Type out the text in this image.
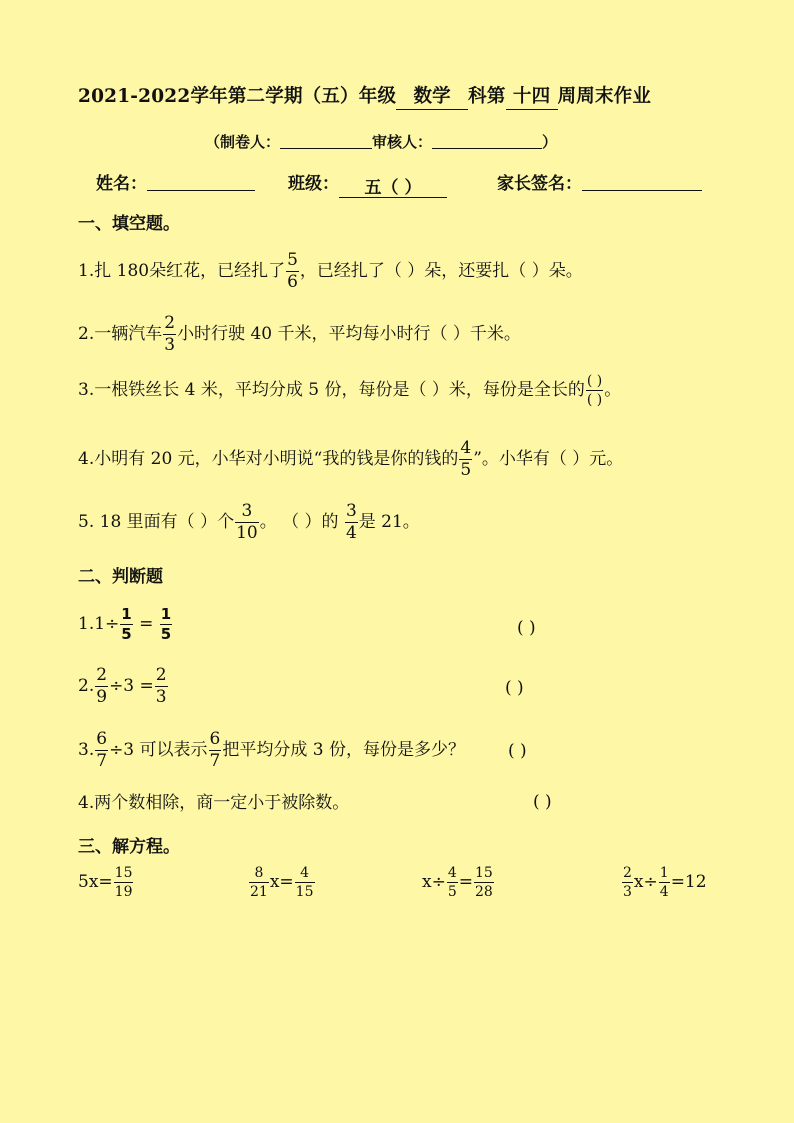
2021-2022学年第二学期（五）年级 数学 科第 十四 周周末作业
（制卷人：	审核人：	）
姓名：	班级： 五（ ）	家长签名：
一、填空题。
1.扎 180朵红花，已经扎了 $\frac{5}{6}$ ，已经扎了（ ）朵，还要扎（ ）朵。
2.一辆汽车 $\frac{2}{3}$ 小时行驶 40 千米，平均每小时行（ ）千米。
3.一根铁丝长 4 米，平均分成 5 份，每份是（ ）米，每份是全长的 $\frac{( )}{( )}$ 。
4.小明有 20 元，小华对小明说“我的钱是你的钱的 $\frac{4}{5}$ ”。小华有（ ）元。
5. 18 里面有（ ）个 $\frac{3}{10}$ 。 （ ）的 $\frac{3}{4}$ 是 21。
二、判断题
$1.1\div \frac{1}{5} = \frac{1}{5}$	( )
2. $\frac{2}{9} \div 3 = \frac{2}{3}$	( )
3. $\frac{6}{7} \div 3$ 可以表示 $\frac{6}{7}$ 把平均分成 3 份，每份是多少？	( )
4.两个数相除，商一定小于被除数。	( )
三、解方程。
$5x= \frac{15}{19}$	$\frac{8}{21} x= \frac{4}{15}$	$x\div \frac{4}{5} = \frac{15}{28}$	$\frac{2}{3} x\div \frac{1}{4} =12$
